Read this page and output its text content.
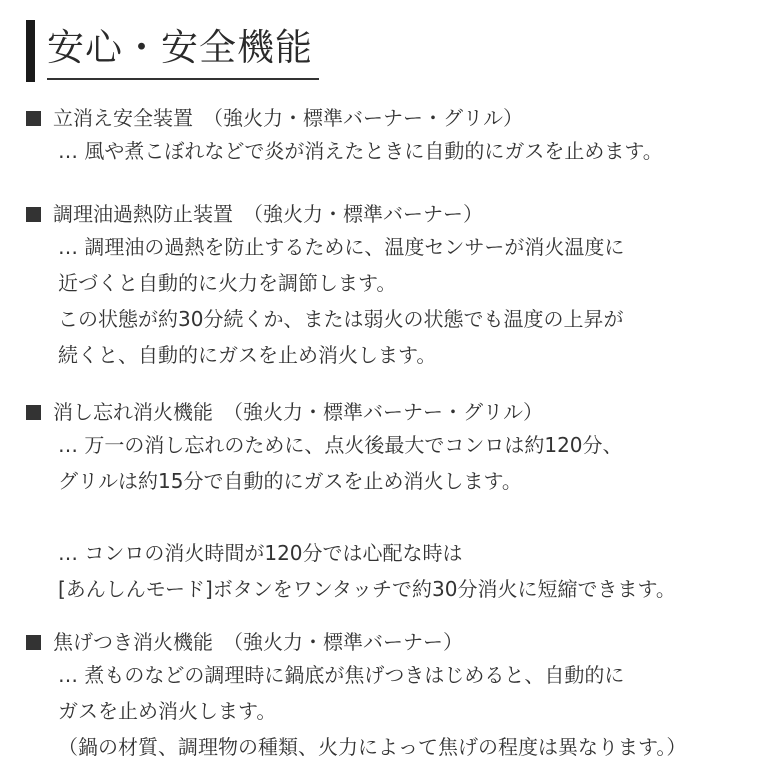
安心・安全機能
立消え安全装置 （強火力・標準バーナー・グリル）
… 風や煮こぼれなどで炎が消えたときに自動的にガスを止めます。
調理油過熱防止装置 （強火力・標準バーナー）
… 調理油の過熱を防止するために、温度センサーが消火温度に
近づくと自動的に火力を調節します。
この状態が約30分続くか、または弱火の状態でも温度の上昇が
続くと、自動的にガスを止め消火します。
消し忘れ消火機能 （強火力・標準バーナー・グリル）
… 万一の消し忘れのために、点火後最大でコンロは約120分、
グリルは約15分で自動的にガスを止め消火します。
… コンロの消火時間が120分では心配な時は
[あんしんモード]ボタンをワンタッチで約30分消火に短縮できます。
焦げつき消火機能 （強火力・標準バーナー）
… 煮ものなどの調理時に鍋底が焦げつきはじめると、自動的に
ガスを止め消火します。
（鍋の材質、調理物の種類、火力によって焦げの程度は異なります。）
